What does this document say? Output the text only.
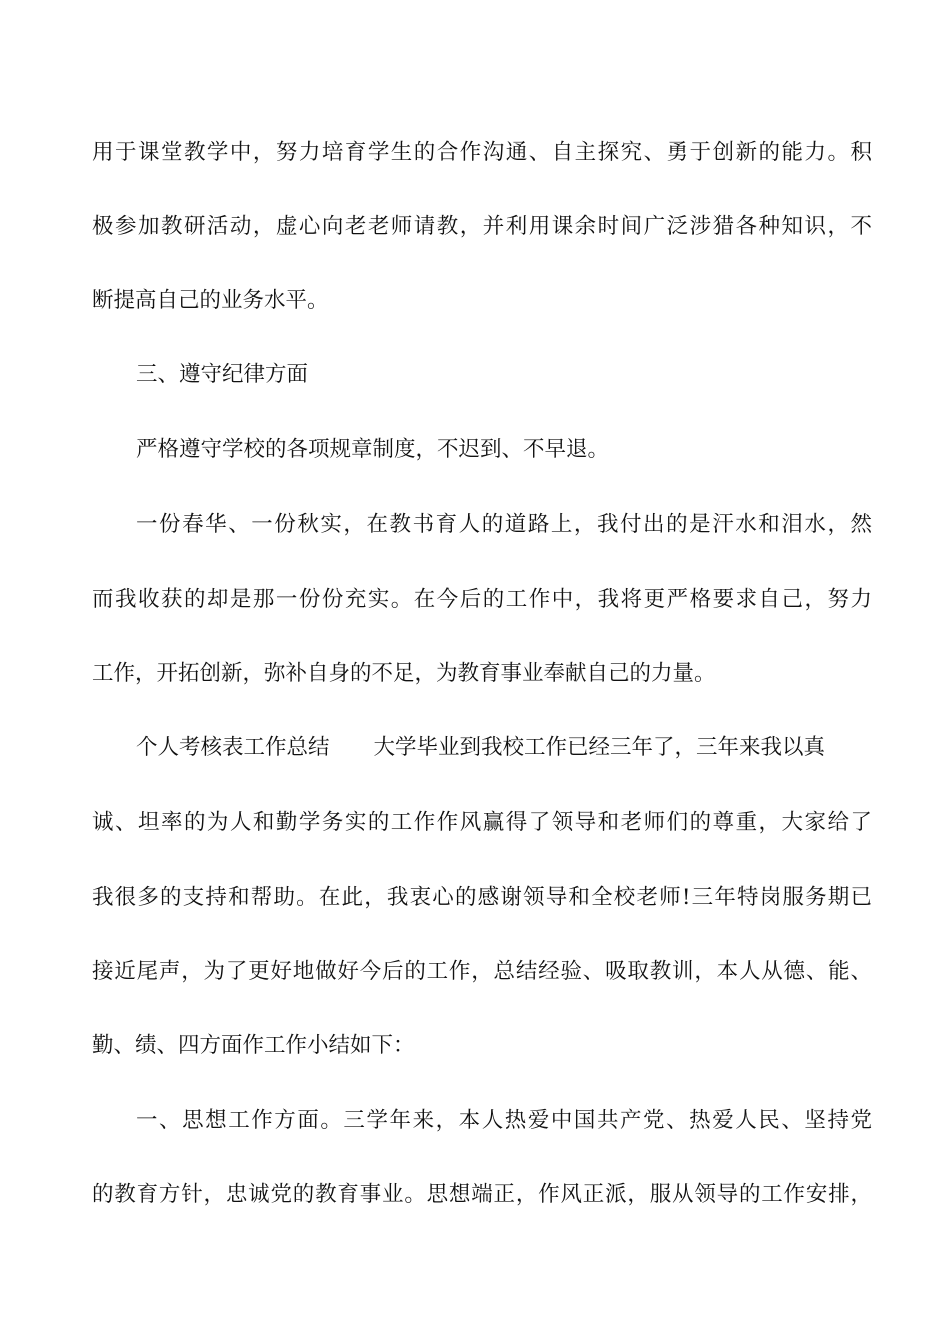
用于课堂教学中，努力培育学生的合作沟通、自主探究、勇于创新的能力。积
极参加教研活动，虚心向老老师请教，并利用课余时间广泛涉猎各种知识，不
断提高自己的业务水平。
三、遵守纪律方面
严格遵守学校的各项规章制度，不迟到、不早退。
一份春华、一份秋实，在教书育人的道路上，我付出的是汗水和泪水，然
而我收获的却是那一份份充实。在今后的工作中，我将更严格要求自己，努力
工作，开拓创新，弥补自身的不足，为教育事业奉献自己的力量。
个人考核表工作总结 大学毕业到我校工作已经三年了，三年来我以真
诚、坦率的为人和勤学务实的工作作风赢得了领导和老师们的尊重，大家给了
我很多的支持和帮助。在此，我衷心的感谢领导和全校老师!三年特岗服务期已
接近尾声，为了更好地做好今后的工作，总结经验、吸取教训，本人从德、能、
勤、绩、四方面作工作小结如下：
一、思想工作方面。三学年来，本人热爱中国共产党、热爱人民、坚持党
的教育方针，忠诚党的教育事业。思想端正，作风正派，服从领导的工作安排，
